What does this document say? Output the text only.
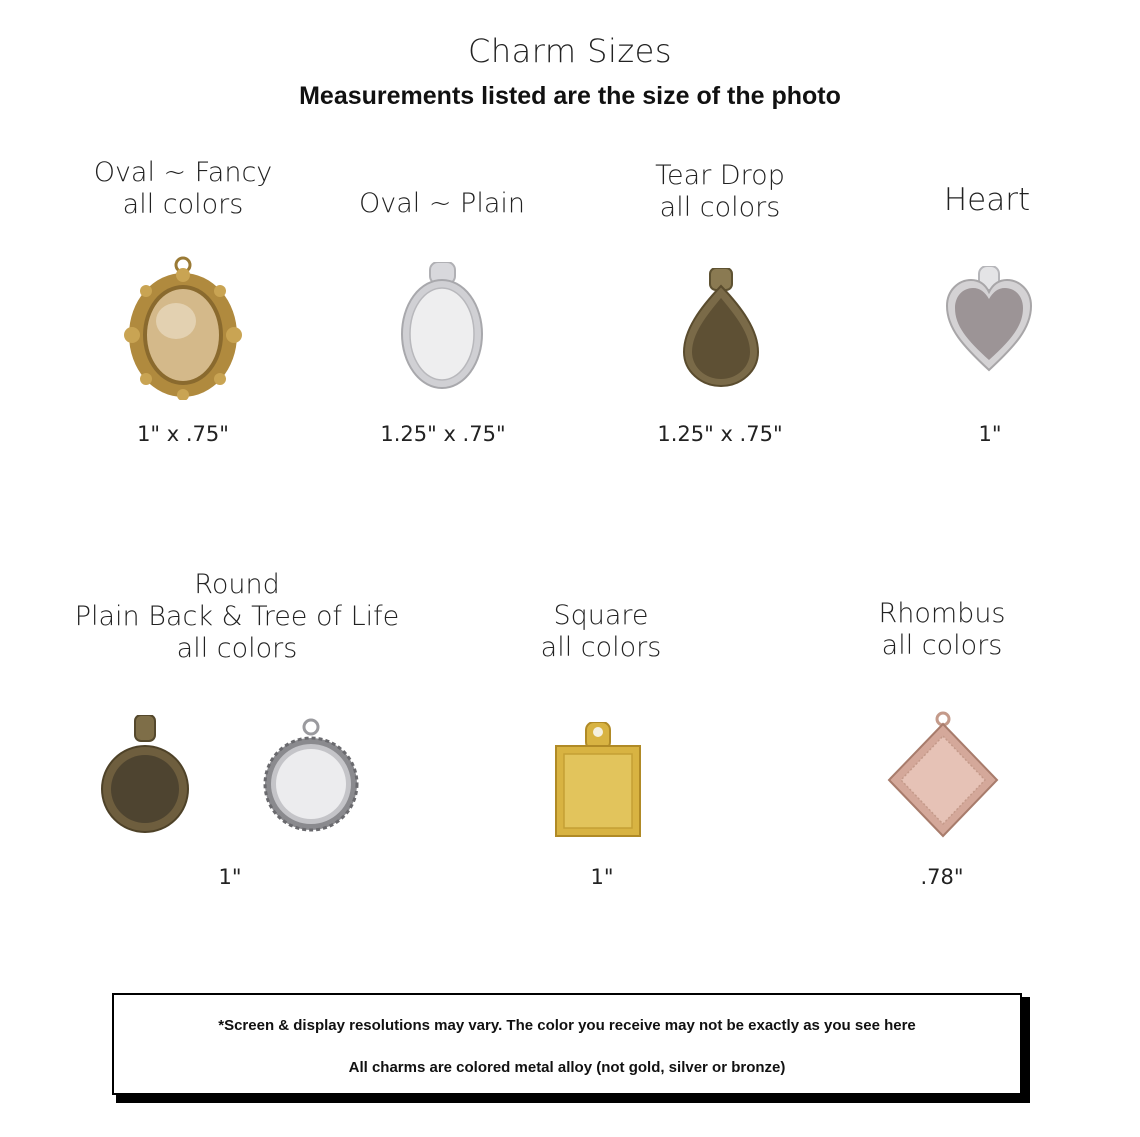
Charm Sizes
Measurements listed are the size of the photo
Oval ~ Fancy
all colors
1" x .75"
Oval ~ Plain
1.25" x .75"
Tear Drop
all colors
1.25" x .75"
Heart
1"
Round
Plain Back & Tree of Life
all colors
1"
Square
all colors
1"
Rhombus
all colors
.78"
*Screen & display resolutions may vary. The color you receive may not be exactly as you see here
All charms are colored metal alloy (not gold, silver or bronze)
